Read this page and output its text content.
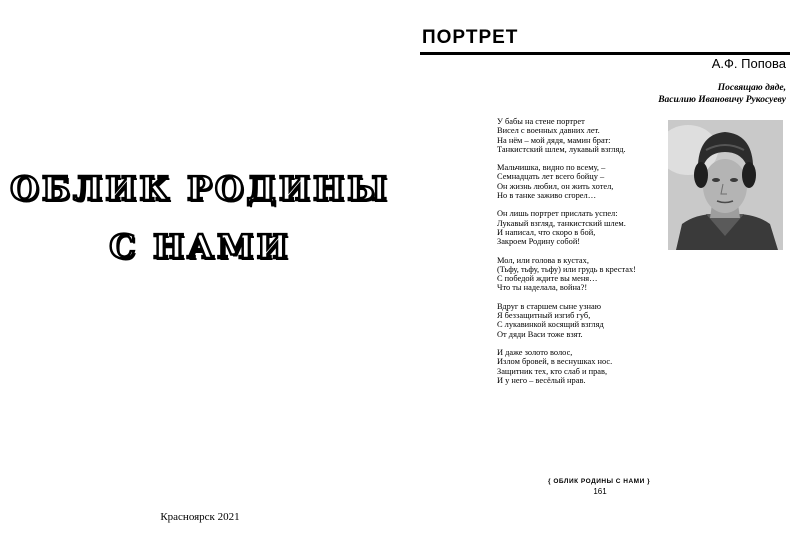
ОБЛИК РОДИНЫ
С НАМИ
Красноярск 2021
ПОРТРЕТ
А.Ф. Попова
Посвящаю дяде,
Василию Ивановичу Рукосуеву
У бабы на стене портрет
Висел с военных давних лет.
На нём – мой дядя, мамин брат:
Танкистский шлем, лукавый взгляд.
Мальчишка, видно по всему, –
Семнадцать лет всего бойцу –
Он жизнь любил, он жить хотел,
Но в танке заживо сгорел…
Он лишь портрет прислать успел:
Лукавый взгляд, танкистский шлем.
И написал, что скоро в бой,
Закроем Родину собой!
Мол, или голова в кустах,
(Тьфу, тьфу, тьфу) или грудь в крестах!
С победой ждите вы меня…
Что ты наделала, война?!
Вдруг в старшем сыне узнаю
Я беззащитный изгиб губ,
С лукавинкой косящий взгляд
От дяди Васи тоже взят.
И даже золото волос,
Излом бровей, в веснушках нос.
Защитник тех, кто слаб и прав,
И у него – весёлый нрав.
{ ОБЛИК РОДИНЫ С НАМИ }
161
